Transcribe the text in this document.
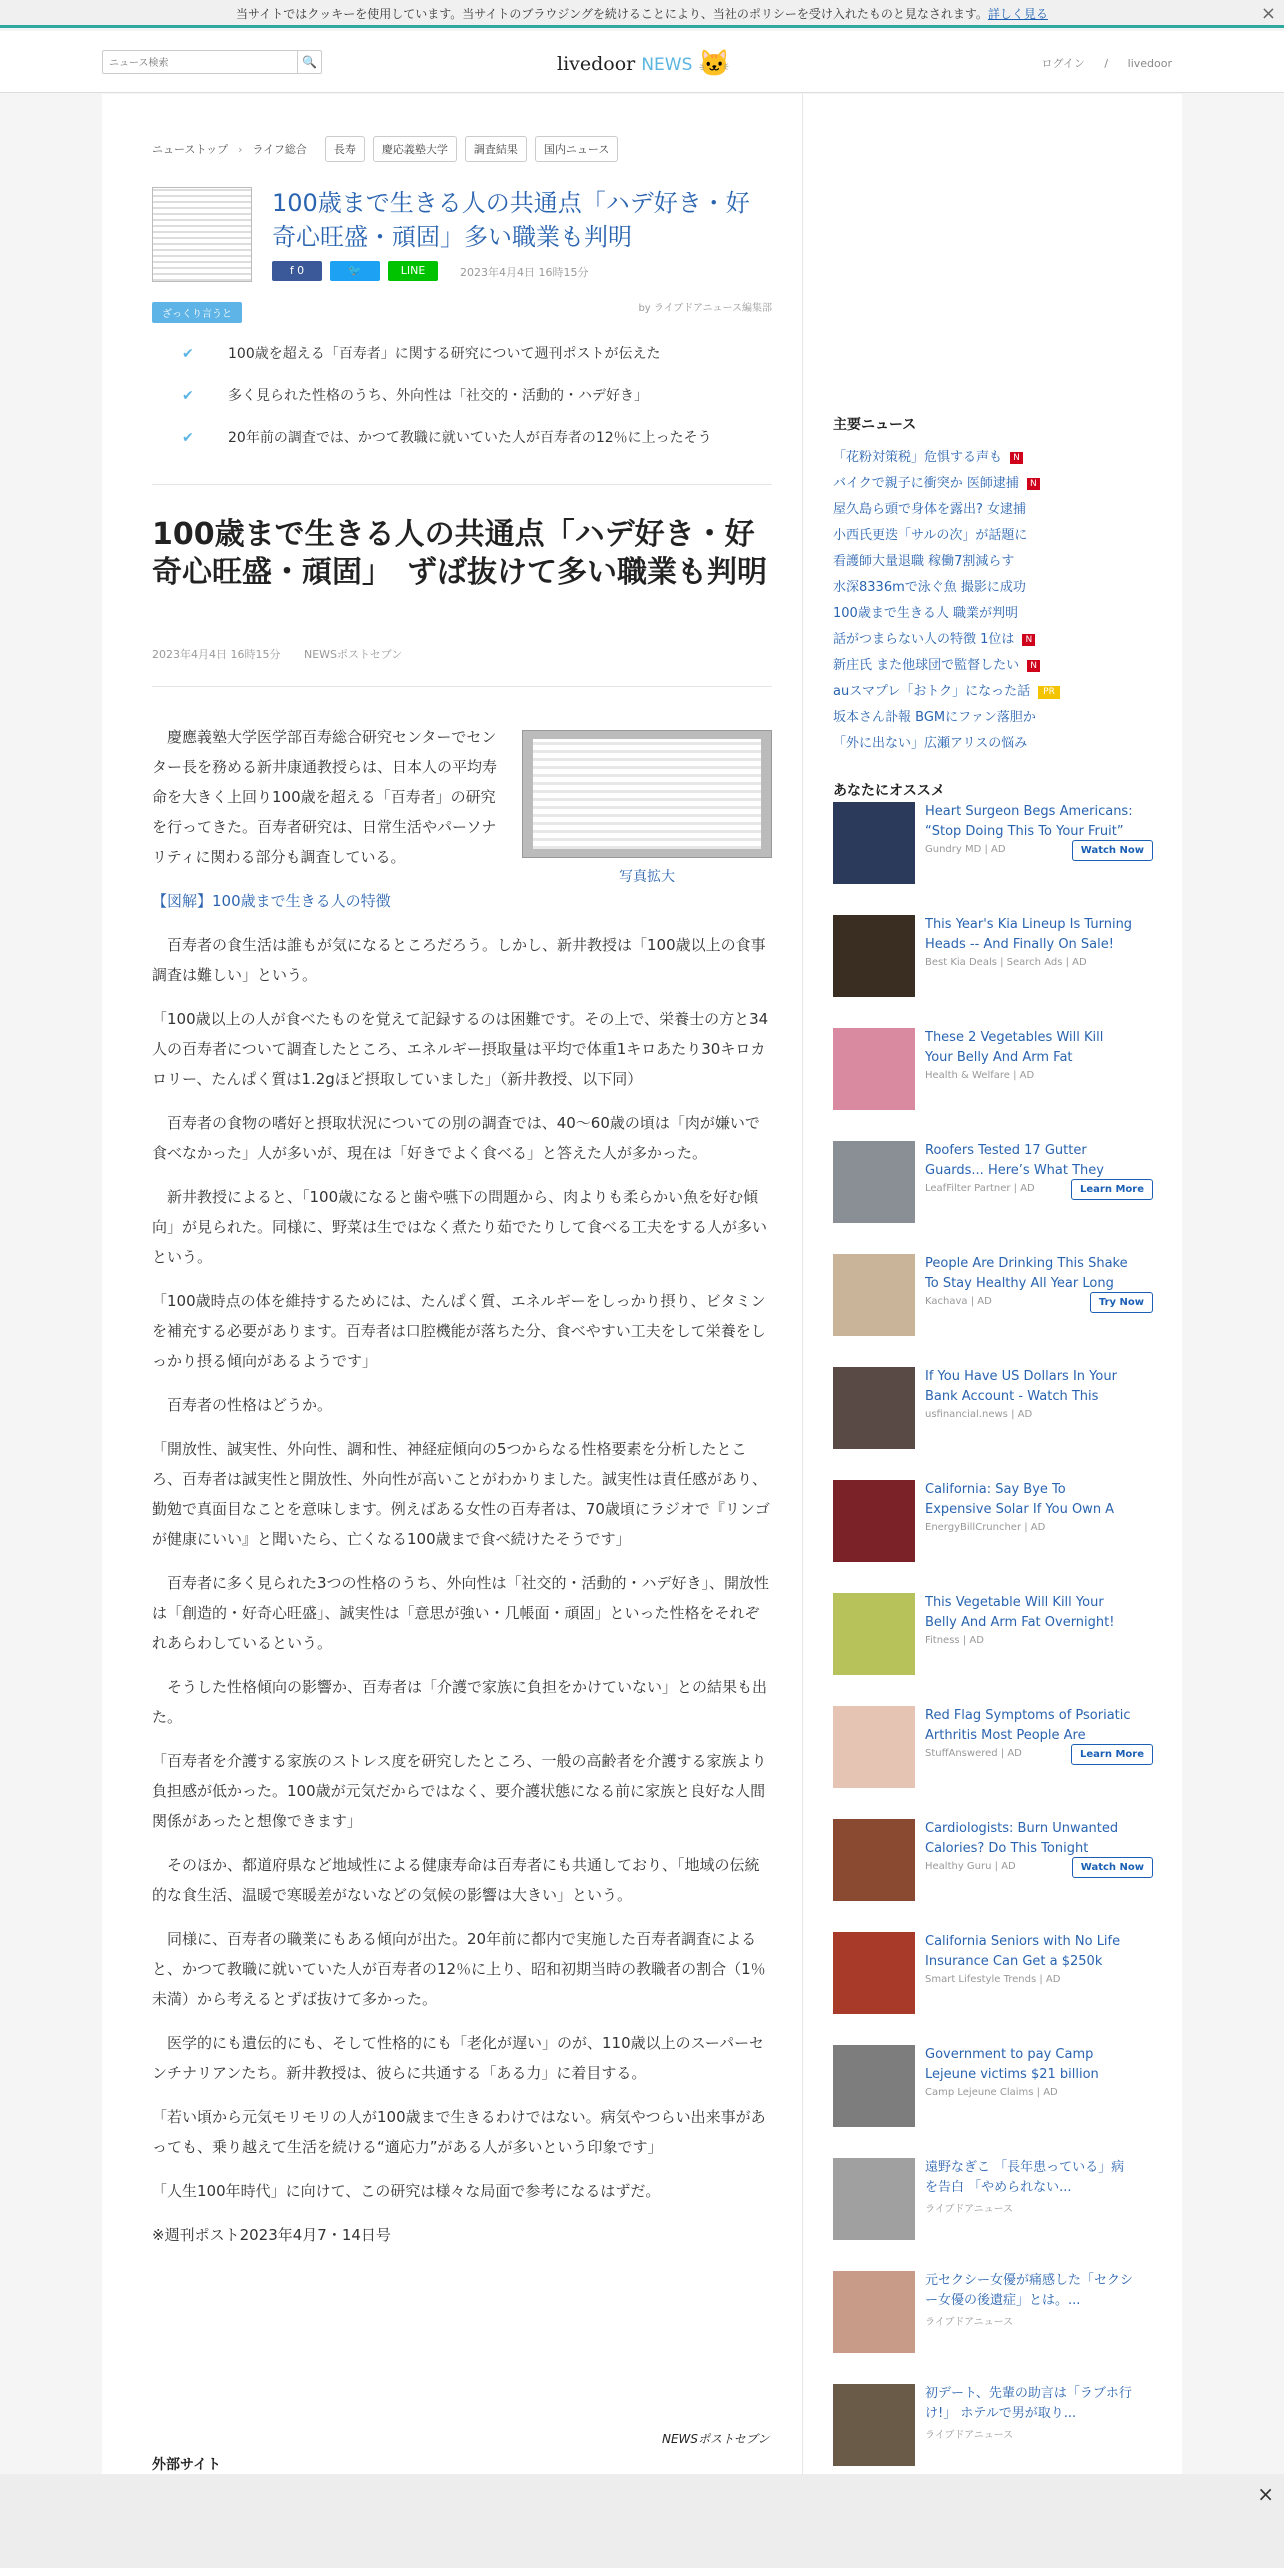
当サイトではクッキーを使用しています。当サイトのブラウジングを続けることにより、当社のポリシーを受け入れたものと見なされます。詳しく見る	×
ニュース検索
🔍	livedoor NEWS 🐱	ログイン / livedoor
ニューストップ › ライフ総合	長寿	慶応義塾大学	調査結果	国内ニュース
100歳まで生きる人の共通点「ハデ好き・好奇心旺盛・頑固」多い職業も判明
f 0	🐦	LINE	2023年4月4日 16時15分
ざっくり言うと
by ライブドアニュース編集部
✔ 100歳を超える「百寿者」に関する研究について週刊ポストが伝えた
✔ 多く見られた性格のうち、外向性は「社交的・活動的・ハデ好き」
✔ 20年前の調査では、かつて教職に就いていた人が百寿者の12％に上ったそう
100歳まで生きる人の共通点「ハデ好き・好奇心旺盛・頑固」　ずば抜けて多い職業も判明
2023年4月4日 16時15分 NEWSポストセブン
写真拡大

慶應義塾大学医学部百寿総合研究センターでセンター長を務める新井康通教授らは、日本人の平均寿命を大きく上回り100歳を超える「百寿者」の研究を行ってきた。百寿者研究は、日常生活やパーソナリティに関わる部分も調査している。

【図解】100歳まで生きる人の特徴

百寿者の食生活は誰もが気になるところだろう。しかし、新井教授は「100歳以上の食事調査は難しい」という。

「100歳以上の人が食べたものを覚えて記録するのは困難です。その上で、栄養士の方と34人の百寿者について調査したところ、エネルギー摂取量は平均で体重1キロあたり30キロカロリー、たんぱく質は1.2gほど摂取していました」（新井教授、以下同）

百寿者の食物の嗜好と摂取状況についての別の調査では、40～60歳の頃は「肉が嫌いで食べなかった」人が多いが、現在は「好きでよく食べる」と答えた人が多かった。

新井教授によると、「100歳になると歯や嚥下の問題から、肉よりも柔らかい魚を好む傾向」が見られた。同様に、野菜は生ではなく煮たり茹でたりして食べる工夫をする人が多いという。

「100歳時点の体を維持するためには、たんぱく質、エネルギーをしっかり摂り、ビタミンを補充する必要があります。百寿者は口腔機能が落ちた分、食べやすい工夫をして栄養をしっかり摂る傾向があるようです」

百寿者の性格はどうか。

「開放性、誠実性、外向性、調和性、神経症傾向の5つからなる性格要素を分析したところ、百寿者は誠実性と開放性、外向性が高いことがわかりました。誠実性は責任感があり、勤勉で真面目なことを意味します。例えばある女性の百寿者は、70歳頃にラジオで『リンゴが健康にいい』と聞いたら、亡くなる100歳まで食べ続けたそうです」

百寿者に多く見られた3つの性格のうち、外向性は「社交的・活動的・ハデ好き」、開放性は「創造的・好奇心旺盛」、誠実性は「意思が強い・几帳面・頑固」といった性格をそれぞれあらわしているという。

そうした性格傾向の影響か、百寿者は「介護で家族に負担をかけていない」との結果も出た。

「百寿者を介護する家族のストレス度を研究したところ、一般の高齢者を介護する家族より負担感が低かった。100歳が元気だからではなく、要介護状態になる前に家族と良好な人間関係があったと想像できます」

そのほか、都道府県など地域性による健康寿命は百寿者にも共通しており、「地域の伝統的な食生活、温暖で寒暖差がないなどの気候の影響は大きい」という。

同様に、百寿者の職業にもある傾向が出た。20年前に都内で実施した百寿者調査によると、かつて教職に就いていた人が百寿者の12％に上り、昭和初期当時の教職者の割合（1％未満）から考えるとずば抜けて多かった。

医学的にも遺伝的にも、そして性格的にも「老化が遅い」のが、110歳以上のスーパーセンチナリアンたち。新井教授は、彼らに共通する「ある力」に着目する。

「若い頃から元気モリモリの人が100歳まで生きるわけではない。病気やつらい出来事があっても、乗り越えて生活を続ける“適応力”がある人が多いという印象です」

「人生100年時代」に向けて、この研究は様々な局面で参考になるはずだ。

※週刊ポスト2023年4月7・14日号

NEWSポストセブン
外部サイト
主要ニュース
「花粉対策税」危惧する声も N
バイクで親子に衝突か 医師逮捕 N
屋久島ら頭で身体を露出? 女逮捕
小西氏更迭「サルの次」が話題に
看護師大量退職 稼働7割減らす
水深8336mで泳ぐ魚 撮影に成功
100歳まで生きる人 職業が判明
話がつまらない人の特徴 1位は N
新庄氏 また他球団で監督したい N
auスマプレ「おトク」になった話 PR
坂本さん訃報 BGMにファン落胆か
「外に出ない」広瀬アリスの悩み
あなたにオススメ
Heart Surgeon Begs Americans: “Stop Doing This To Your Fruit”
Gundry MD | AD	Watch Now
This Year's Kia Lineup Is Turning Heads -- And Finally On Sale!
Best Kia Deals | Search Ads | AD
These 2 Vegetables Will Kill Your Belly And Arm Fat
Health & Welfare | AD
Roofers Tested 17 Gutter Guards... Here’s What They
LeafFilter Partner | AD	Learn More
People Are Drinking This Shake To Stay Healthy All Year Long
Kachava | AD	Try Now
If You Have US Dollars In Your Bank Account - Watch This
usfinancial.news | AD
California: Say Bye To Expensive Solar If You Own A
EnergyBillCruncher | AD
This Vegetable Will Kill Your Belly And Arm Fat Overnight!
Fitness | AD
Red Flag Symptoms of Psoriatic Arthritis Most People Are
StuffAnswered | AD	Learn More
Cardiologists: Burn Unwanted Calories? Do This Tonight
Healthy Guru | AD	Watch Now
California Seniors with No Life Insurance Can Get a $250k
Smart Lifestyle Trends | AD
Government to pay Camp Lejeune victims $21 billion
Camp Lejeune Claims | AD
遠野なぎこ 「長年患っている」病を告白 「やめられない...
ライブドアニュース
元セクシー女優が痛感した「セクシー女優の後遺症」とは。...
ライブドアニュース
初デート、先輩の助言は「ラブホ行け!」 ホテルで男が取り...
ライブドアニュース
×
